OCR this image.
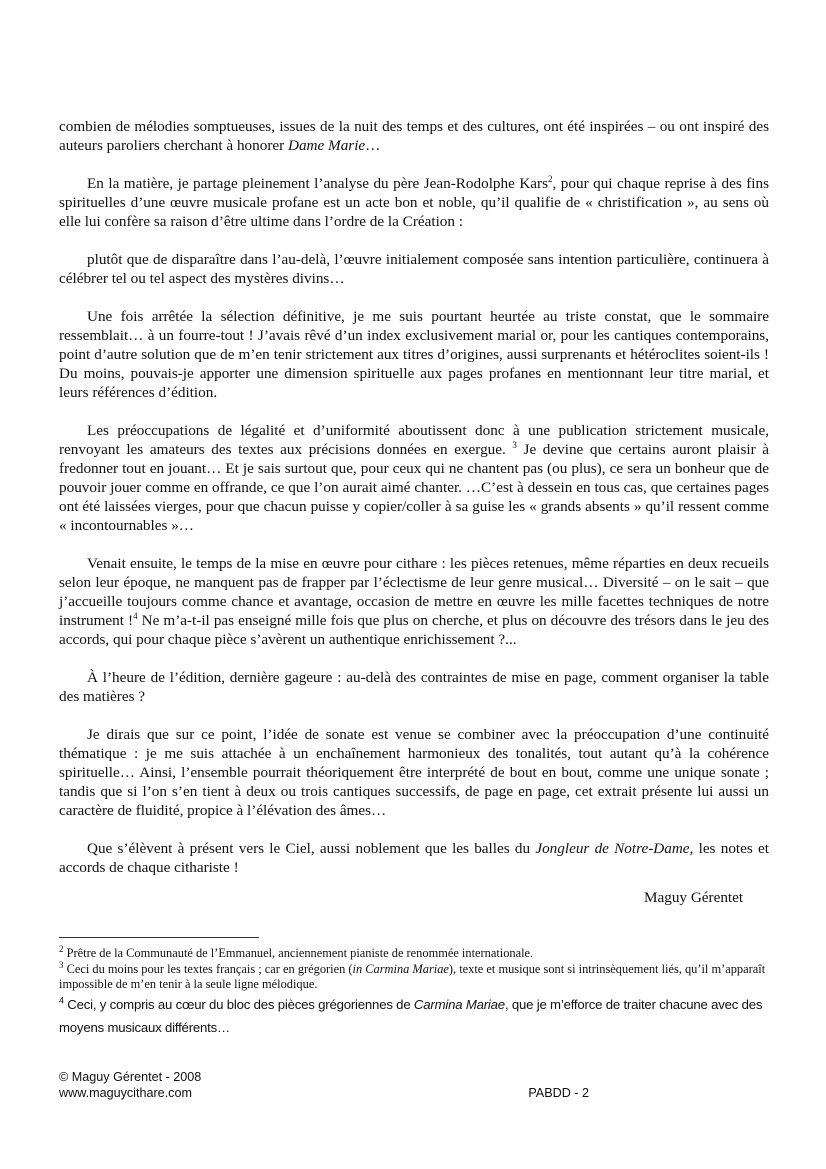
combien de mélodies somptueuses, issues de la nuit des temps et des cultures, ont été inspirées – ou ont inspiré des auteurs paroliers cherchant à honorer Dame Marie…

En la matière, je partage pleinement l’analyse du père Jean-Rodolphe Kars$^2$, pour qui chaque reprise à des fins spirituelles d’une œuvre musicale profane est un acte bon et noble, qu’il qualifie de « christification », au sens où elle lui confère sa raison d’être ultime dans l’ordre de la Création :

plutôt que de disparaître dans l’au-delà, l’œuvre initialement composée sans intention particulière, continuera à célébrer tel ou tel aspect des mystères divins…

Une fois arrêtée la sélection définitive, je me suis pourtant heurtée au triste constat, que le sommaire ressemblait… à un fourre-tout ! J’avais rêvé d’un index exclusivement marial or, pour les cantiques contemporains, point d’autre solution que de m’en tenir strictement aux titres d’origines, aussi surprenants et hétéroclites soient-ils ! Du moins, pouvais-je apporter une dimension spirituelle aux pages profanes en mentionnant leur titre marial, et leurs références d’édition.

Les préoccupations de légalité et d’uniformité aboutissent donc à une publication strictement musicale, renvoyant les amateurs des textes aux précisions données en exergue. $^3$ Je devine que certains auront plaisir à fredonner tout en jouant… Et je sais surtout que, pour ceux qui ne chantent pas (ou plus), ce sera un bonheur que de pouvoir jouer comme en offrande, ce que l’on aurait aimé chanter. …C’est à dessein en tous cas, que certaines pages ont été laissées vierges, pour que chacun puisse y copier/coller à sa guise les « grands absents » qu’il ressent comme « incontournables »…

Venait ensuite, le temps de la mise en œuvre pour cithare : les pièces retenues, même réparties en deux recueils selon leur époque, ne manquent pas de frapper par l’éclectisme de leur genre musical… Diversité – on le sait – que j’accueille toujours comme chance et avantage, occasion de mettre en œuvre les mille facettes techniques de notre instrument !$^4$ Ne m’a-t-il pas enseigné mille fois que plus on cherche, et plus on découvre des trésors dans le jeu des accords, qui pour chaque pièce s’avèrent un authentique enrichissement ?...

À l’heure de l’édition, dernière gageure : au-delà des contraintes de mise en page, comment organiser la table des matières ?

Je dirais que sur ce point, l’idée de sonate est venue se combiner avec la préoccupation d’une continuité thématique : je me suis attachée à un enchaînement harmonieux des tonalités, tout autant qu’à la cohérence spirituelle… Ainsi, l’ensemble pourrait théoriquement être interprété de bout en bout, comme une unique sonate ; tandis que si l’on s’en tient à deux ou trois cantiques successifs, de page en page, cet extrait présente lui aussi un caractère de fluidité, propice à l’élévation des âmes…

Que s’élèvent à présent vers le Ciel, aussi noblement que les balles du Jongleur de Notre-Dame, les notes et accords de chaque cithariste !

Maguy Gérentet

$^2$ Prêtre de la Communauté de l’Emmanuel, anciennement pianiste de renommée internationale.

$^3$ Ceci du moins pour les textes français ; car en grégorien (in Carmina Mariae), texte et musique sont si intrinsèquement liés, qu’il m’apparaît impossible de m’en tenir à la seule ligne mélodique.

$^4$ Ceci, y compris au cœur du bloc des pièces grégoriennes de Carmina Mariae, que je m’efforce de traiter chacune avec des moyens musicaux différents…

© Maguy Gérentet - 2008
www.maguycithare.com	PABDD - 2
